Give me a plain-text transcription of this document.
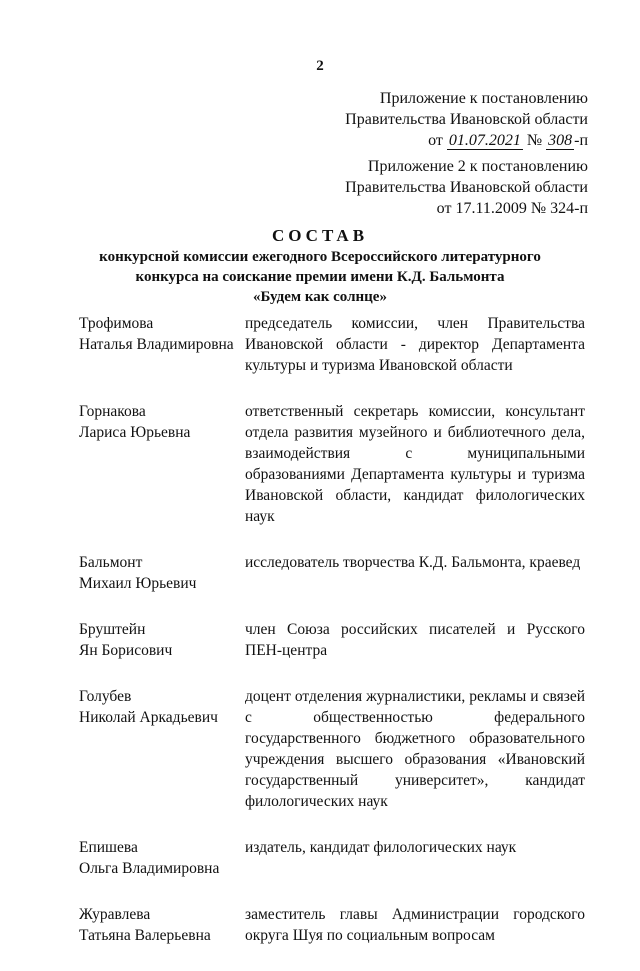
2
Приложение к постановлению
Правительства Ивановской области
от 01.07.2021 № 308 -п
Приложение 2 к постановлению
Правительства Ивановской области
от 17.11.2009 № 324-п
СОСТАВ
конкурсной комиссии ежегодного Всероссийского литературного
конкурса на соискание премии имени К.Д. Бальмонта
«Будем как солнце»
Трофимова
Наталья Владимировна
председатель комиссии, член Правительства Ивановской области - директор Департамента культуры и туризма Ивановской области
Горнакова
Лариса Юрьевна
ответственный секретарь комиссии, консультант отдела развития музейного и библиотечного дела, взаимодействия с муниципальными образованиями Департамента культуры и туризма Ивановской области, кандидат филологических наук
Бальмонт
Михаил Юрьевич
исследователь творчества К.Д. Бальмонта, краевед
Бруштейн
Ян Борисович
член Союза российских писателей и Русского ПЕН-центра
Голубев
Николай Аркадьевич
доцент отделения журналистики, рекламы и связей с общественностью федерального государственного бюджетного образовательного учреждения высшего образования «Ивановский государственный университет», кандидат филологических наук
Епишева
Ольга Владимировна
издатель, кандидат филологических наук
Журавлева
Татьяна Валерьевна
заместитель главы Администрации городского округа Шуя по социальным вопросам
